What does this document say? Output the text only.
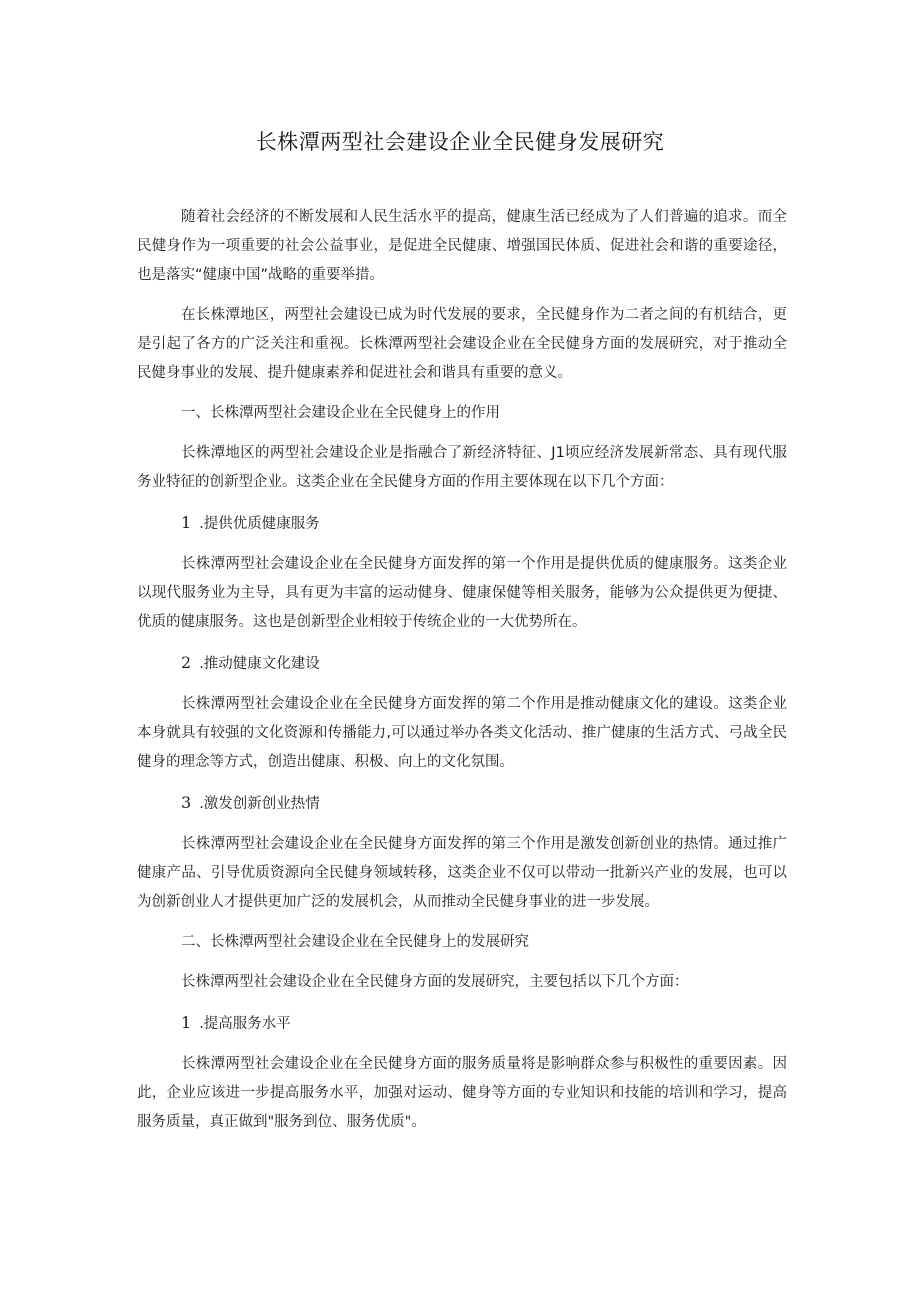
长株潭两型社会建设企业全民健身发展研究

随着社会经济的不断发展和人民生活水平的提高，健康生活已经成为了人们普遍的追求。而全民健身作为一项重要的社会公益事业，是促进全民健康、增强国民体质、促进社会和谐的重要途径，也是落实“健康中国”战略的重要举措。

在长株潭地区，两型社会建设已成为时代发展的要求，全民健身作为二者之间的有机结合，更是引起了各方的广泛关注和重视。长株潭两型社会建设企业在全民健身方面的发展研究，对于推动全民健身事业的发展、提升健康素养和促进社会和谐具有重要的意义。

一、长株潭两型社会建设企业在全民健身上的作用

长株潭地区的两型社会建设企业是指融合了新经济特征、J1顷应经济发展新常态、具有现代服务业特征的创新型企业。这类企业在全民健身方面的作用主要体现在以下几个方面：

1 .提供优质健康服务

长株潭两型社会建设企业在全民健身方面发挥的第一个作用是提供优质的健康服务。这类企业以现代服务业为主导，具有更为丰富的运动健身、健康保健等相关服务，能够为公众提供更为便捷、优质的健康服务。这也是创新型企业相较于传统企业的一大优势所在。

2 .推动健康文化建设

长株潭两型社会建设企业在全民健身方面发挥的第二个作用是推动健康文化的建设。这类企业本身就具有较强的文化资源和传播能力,可以通过举办各类文化活动、推广健康的生活方式、弓战全民健身的理念等方式，创造出健康、积极、向上的文化氛围。

3 .激发创新创业热情

长株潭两型社会建设企业在全民健身方面发挥的第三个作用是激发创新创业的热情。通过推广健康产品、引导优质资源向全民健身领域转移，这类企业不仅可以带动一批新兴产业的发展，也可以为创新创业人才提供更加广泛的发展机会，从而推动全民健身事业的进一步发展。

二、长株潭两型社会建设企业在全民健身上的发展研究

长株潭两型社会建设企业在全民健身方面的发展研究，主要包括以下几个方面：

1 .提高服务水平

长株潭两型社会建设企业在全民健身方面的服务质量将是影响群众参与积极性的重要因素。因此，企业应该进一步提高服务水平，加强对运动、健身等方面的专业知识和技能的培训和学习，提高服务质量，真正做到"服务到位、服务优质"。
